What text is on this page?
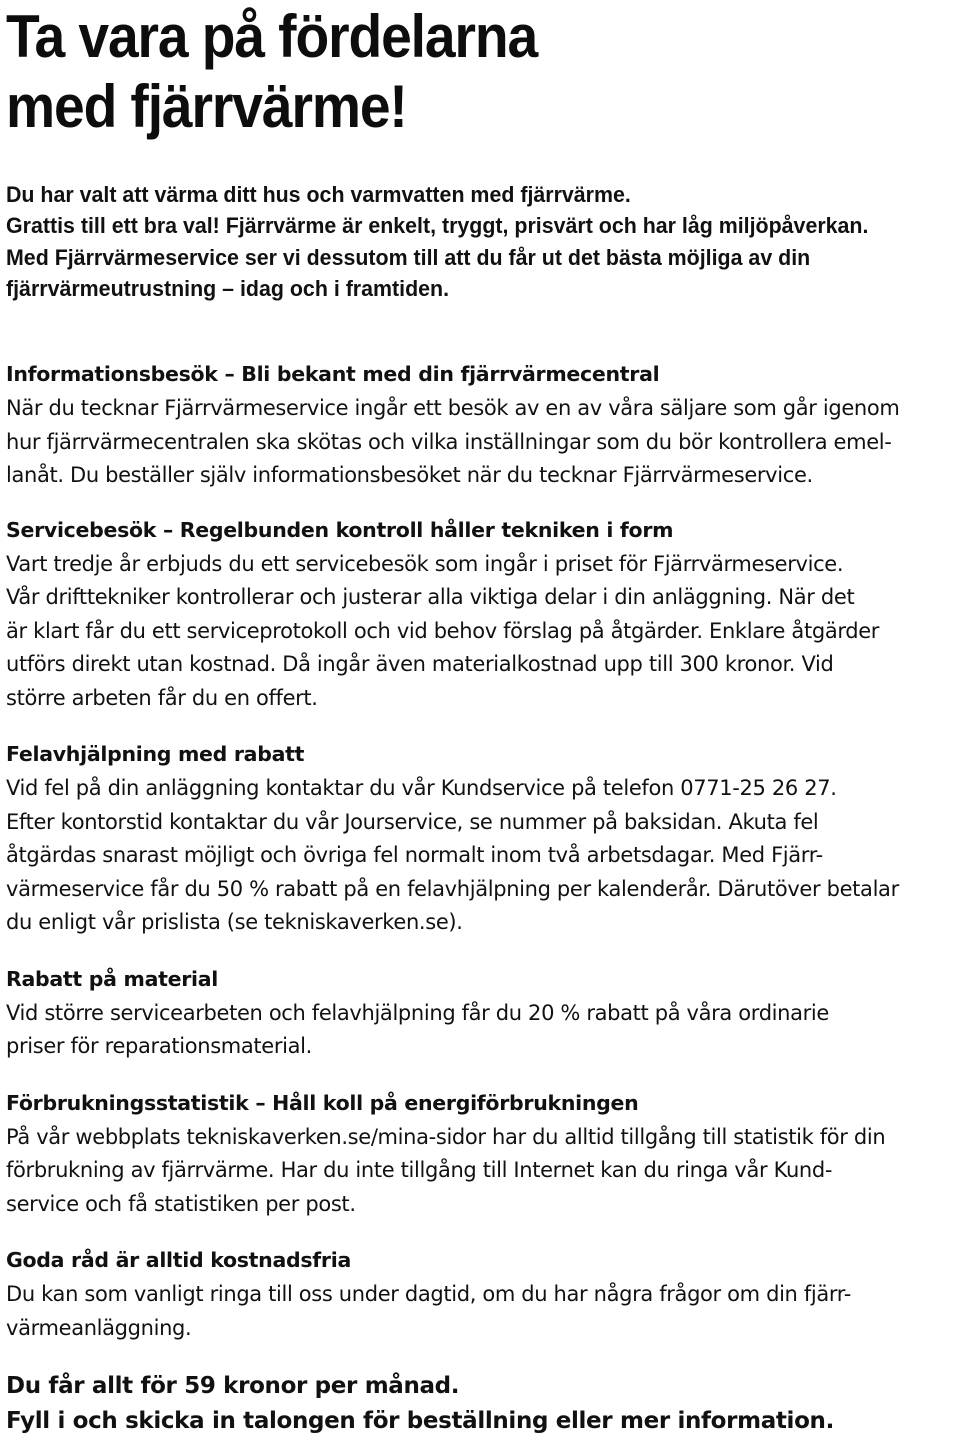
Ta vara på fördelarna
med fjärrvärme!

Du har valt att värma ditt hus och varmvatten med fjärrvärme.

Grattis till ett bra val! Fjärrvärme är enkelt, tryggt, prisvärt och har låg miljöpåverkan.

Med Fjärrvärmeservice ser vi dessutom till att du får ut det bästa möjliga av din

fjärrvärmeutrustning – idag och i framtiden.

Informationsbesök – Bli bekant med din fjärrvärmecentral

När du tecknar Fjärrvärmeservice ingår ett besök av en av våra säljare som går igenom

hur fjärrvärmecentralen ska skötas och vilka inställningar som du bör kontrollera emel-

lanåt. Du beställer själv informationsbesöket när du tecknar Fjärrvärmeservice.

Servicebesök – Regelbunden kontroll håller tekniken i form

Vart tredje år erbjuds du ett servicebesök som ingår i priset för Fjärrvärmeservice.

Vår drifttekniker kontrollerar och justerar alla viktiga delar i din anläggning. När det

är klart får du ett serviceprotokoll och vid behov förslag på åtgärder. Enklare åtgärder

utförs direkt utan kostnad. Då ingår även materialkostnad upp till 300 kronor. Vid

större arbeten får du en offert.

Felavhjälpning med rabatt

Vid fel på din anläggning kontaktar du vår Kundservice på telefon 0771-25 26 27.

Efter kontorstid kontaktar du vår Jourservice, se nummer på baksidan. Akuta fel

åtgärdas snarast möjligt och övriga fel normalt inom två arbetsdagar. Med Fjärr-

värmeservice får du 50 % rabatt på en felavhjälpning per kalenderår. Därutöver betalar

du enligt vår prislista (se tekniskaverken.se).

Rabatt på material

Vid större servicearbeten och felavhjälpning får du 20 % rabatt på våra ordinarie

priser för reparationsmaterial.

Förbrukningsstatistik – Håll koll på energiförbrukningen

På vår webbplats tekniskaverken.se/mina-sidor har du alltid tillgång till statistik för din

förbrukning av fjärrvärme. Har du inte tillgång till Internet kan du ringa vår Kund-

service och få statistiken per post.

Goda råd är alltid kostnadsfria

Du kan som vanligt ringa till oss under dagtid, om du har några frågor om din fjärr-

värmeanläggning.

Du får allt för 59 kronor per månad.

Fyll i och skicka in talongen för beställning eller mer information.
